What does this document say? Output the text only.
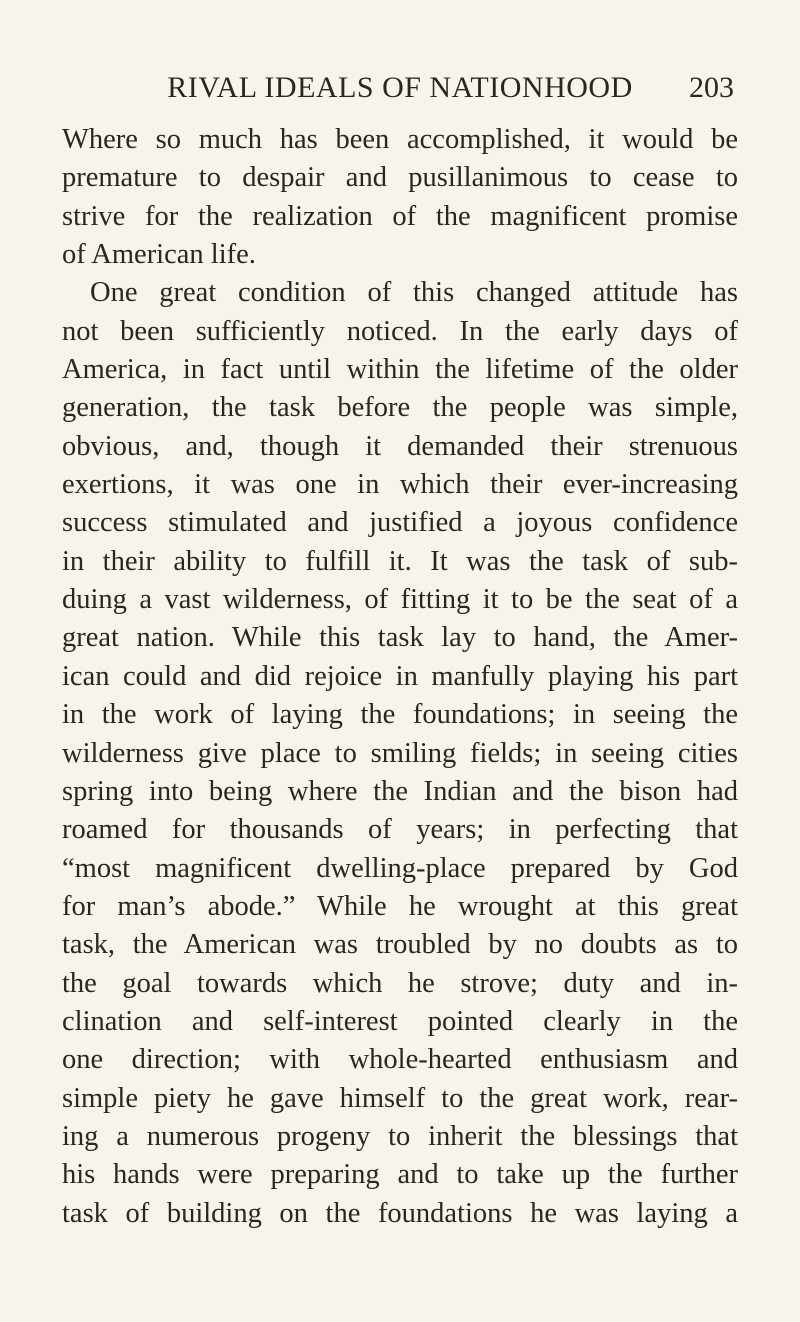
RIVAL IDEALS OF NATIONHOOD	203
Where so much has been accomplished, it would be
premature to despair and pusillanimous to cease to
strive for the realization of the magnificent promise
of American life.
One great condition of this changed attitude has
not been sufficiently noticed. In the early days of
America, in fact until within the lifetime of the older
generation, the task before the people was simple,
obvious, and, though it demanded their strenuous
exertions, it was one in which their ever-increasing
success stimulated and justified a joyous confidence
in their ability to fulfill it. It was the task of sub-
duing a vast wilderness, of fitting it to be the seat of a
great nation. While this task lay to hand, the Amer-
ican could and did rejoice in manfully playing his part
in the work of laying the foundations; in seeing the
wilderness give place to smiling fields; in seeing cities
spring into being where the Indian and the bison had
roamed for thousands of years; in perfecting that
“most magnificent dwelling-place prepared by God
for man’s abode.” While he wrought at this great
task, the American was troubled by no doubts as to
the goal towards which he strove; duty and in-
clination and self-interest pointed clearly in the
one direction; with whole-hearted enthusiasm and
simple piety he gave himself to the great work, rear-
ing a numerous progeny to inherit the blessings that
his hands were preparing and to take up the further
task of building on the foundations he was laying a
